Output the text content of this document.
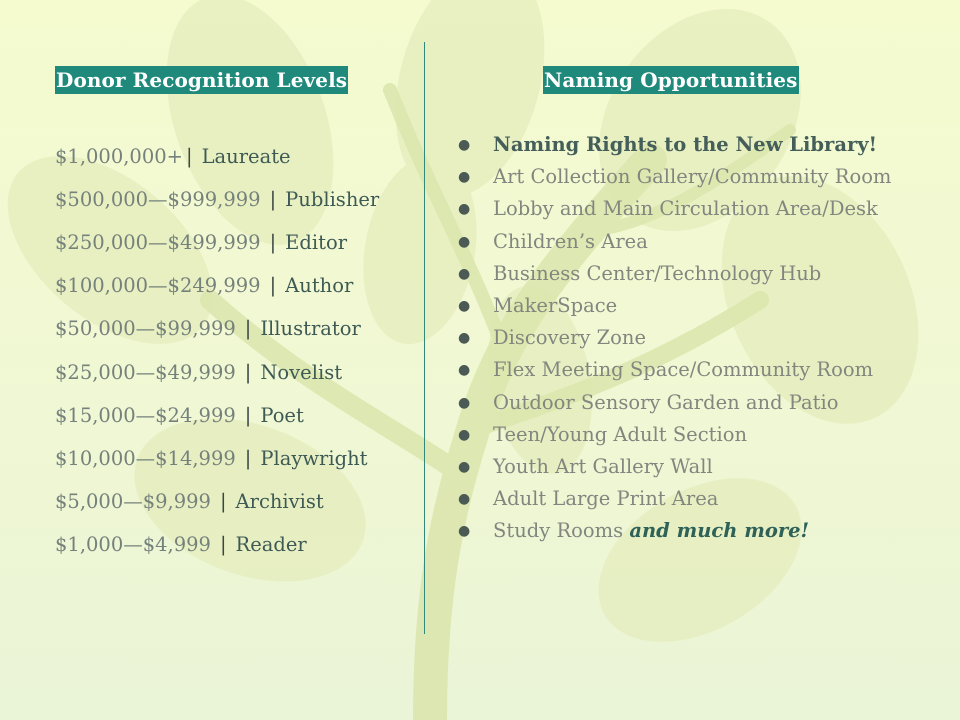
Donor Recognition Levels	Naming Opportunities
$1,000,000+ | Laureate
$500,000—$999,999 | Publisher
$250,000—$499,999 | Editor
$100,000—$249,999 | Author
$50,000—$99,999 | Illustrator
$25,000—$49,999 | Novelist
$15,000—$24,999 | Poet
$10,000—$14,999 | Playwright
$5,000—$9,999 | Archivist
$1,000—$4,999 | Reader
● Naming Rights to the New Library!
● Art Collection Gallery/Community Room
● Lobby and Main Circulation Area/Desk
● Children’s Area
● Business Center/Technology Hub
● MakerSpace
● Discovery Zone
● Flex Meeting Space/Community Room
● Outdoor Sensory Garden and Patio
● Teen/Young Adult Section
● Youth Art Gallery Wall
● Adult Large Print Area
● Study Rooms and much more!
